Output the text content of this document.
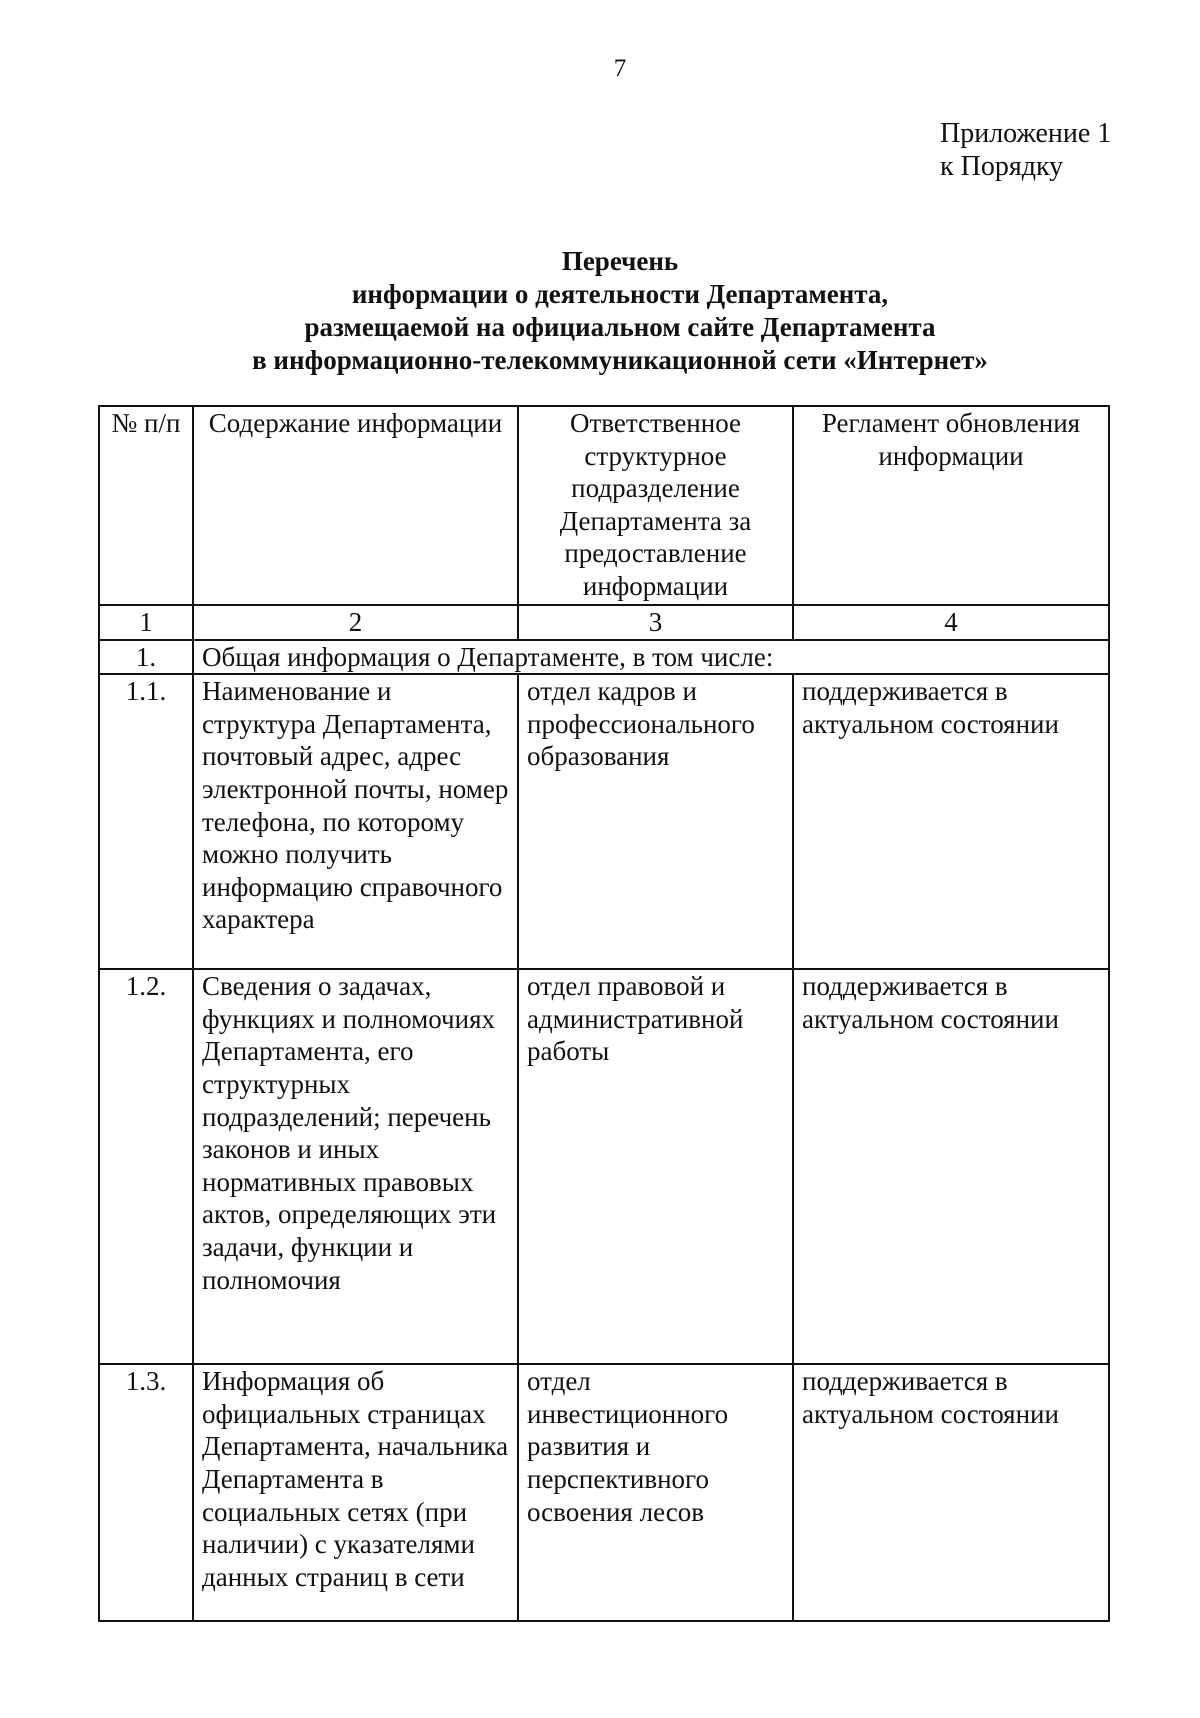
7
Приложение 1
к Порядку
Перечень
информации о деятельности Департамента,
размещаемой на официальном сайте Департамента
в информационно-телекоммуникационной сети «Интернет»
№ п/п	Содержание информации	Ответственное структурное подразделение Департамента за предоставление информации	Регламент обновления информации
1	2	3	4
1.	Общая информация о Департаменте, в том числе:		
1.1.	Наименование и структура Департамента, почтовый адрес, адрес электронной почты, номер телефона, по которому можно получить информацию справочного характера	отдел кадров и профессионального образования	поддерживается в актуальном состоянии
1.2.	Сведения о задачах, функциях и полномочиях Департамента, его структурных подразделений; перечень законов и иных нормативных правовых актов, определяющих эти задачи, функции и полномочия	отдел правовой и административной работы	поддерживается в актуальном состоянии
1.3.	Информация об официальных страницах Департамента, начальника Департамента в социальных сетях (при наличии) с указателями данных страниц в сети	отдел инвестиционного развития и перспективного освоения лесов	поддерживается в актуальном состоянии
